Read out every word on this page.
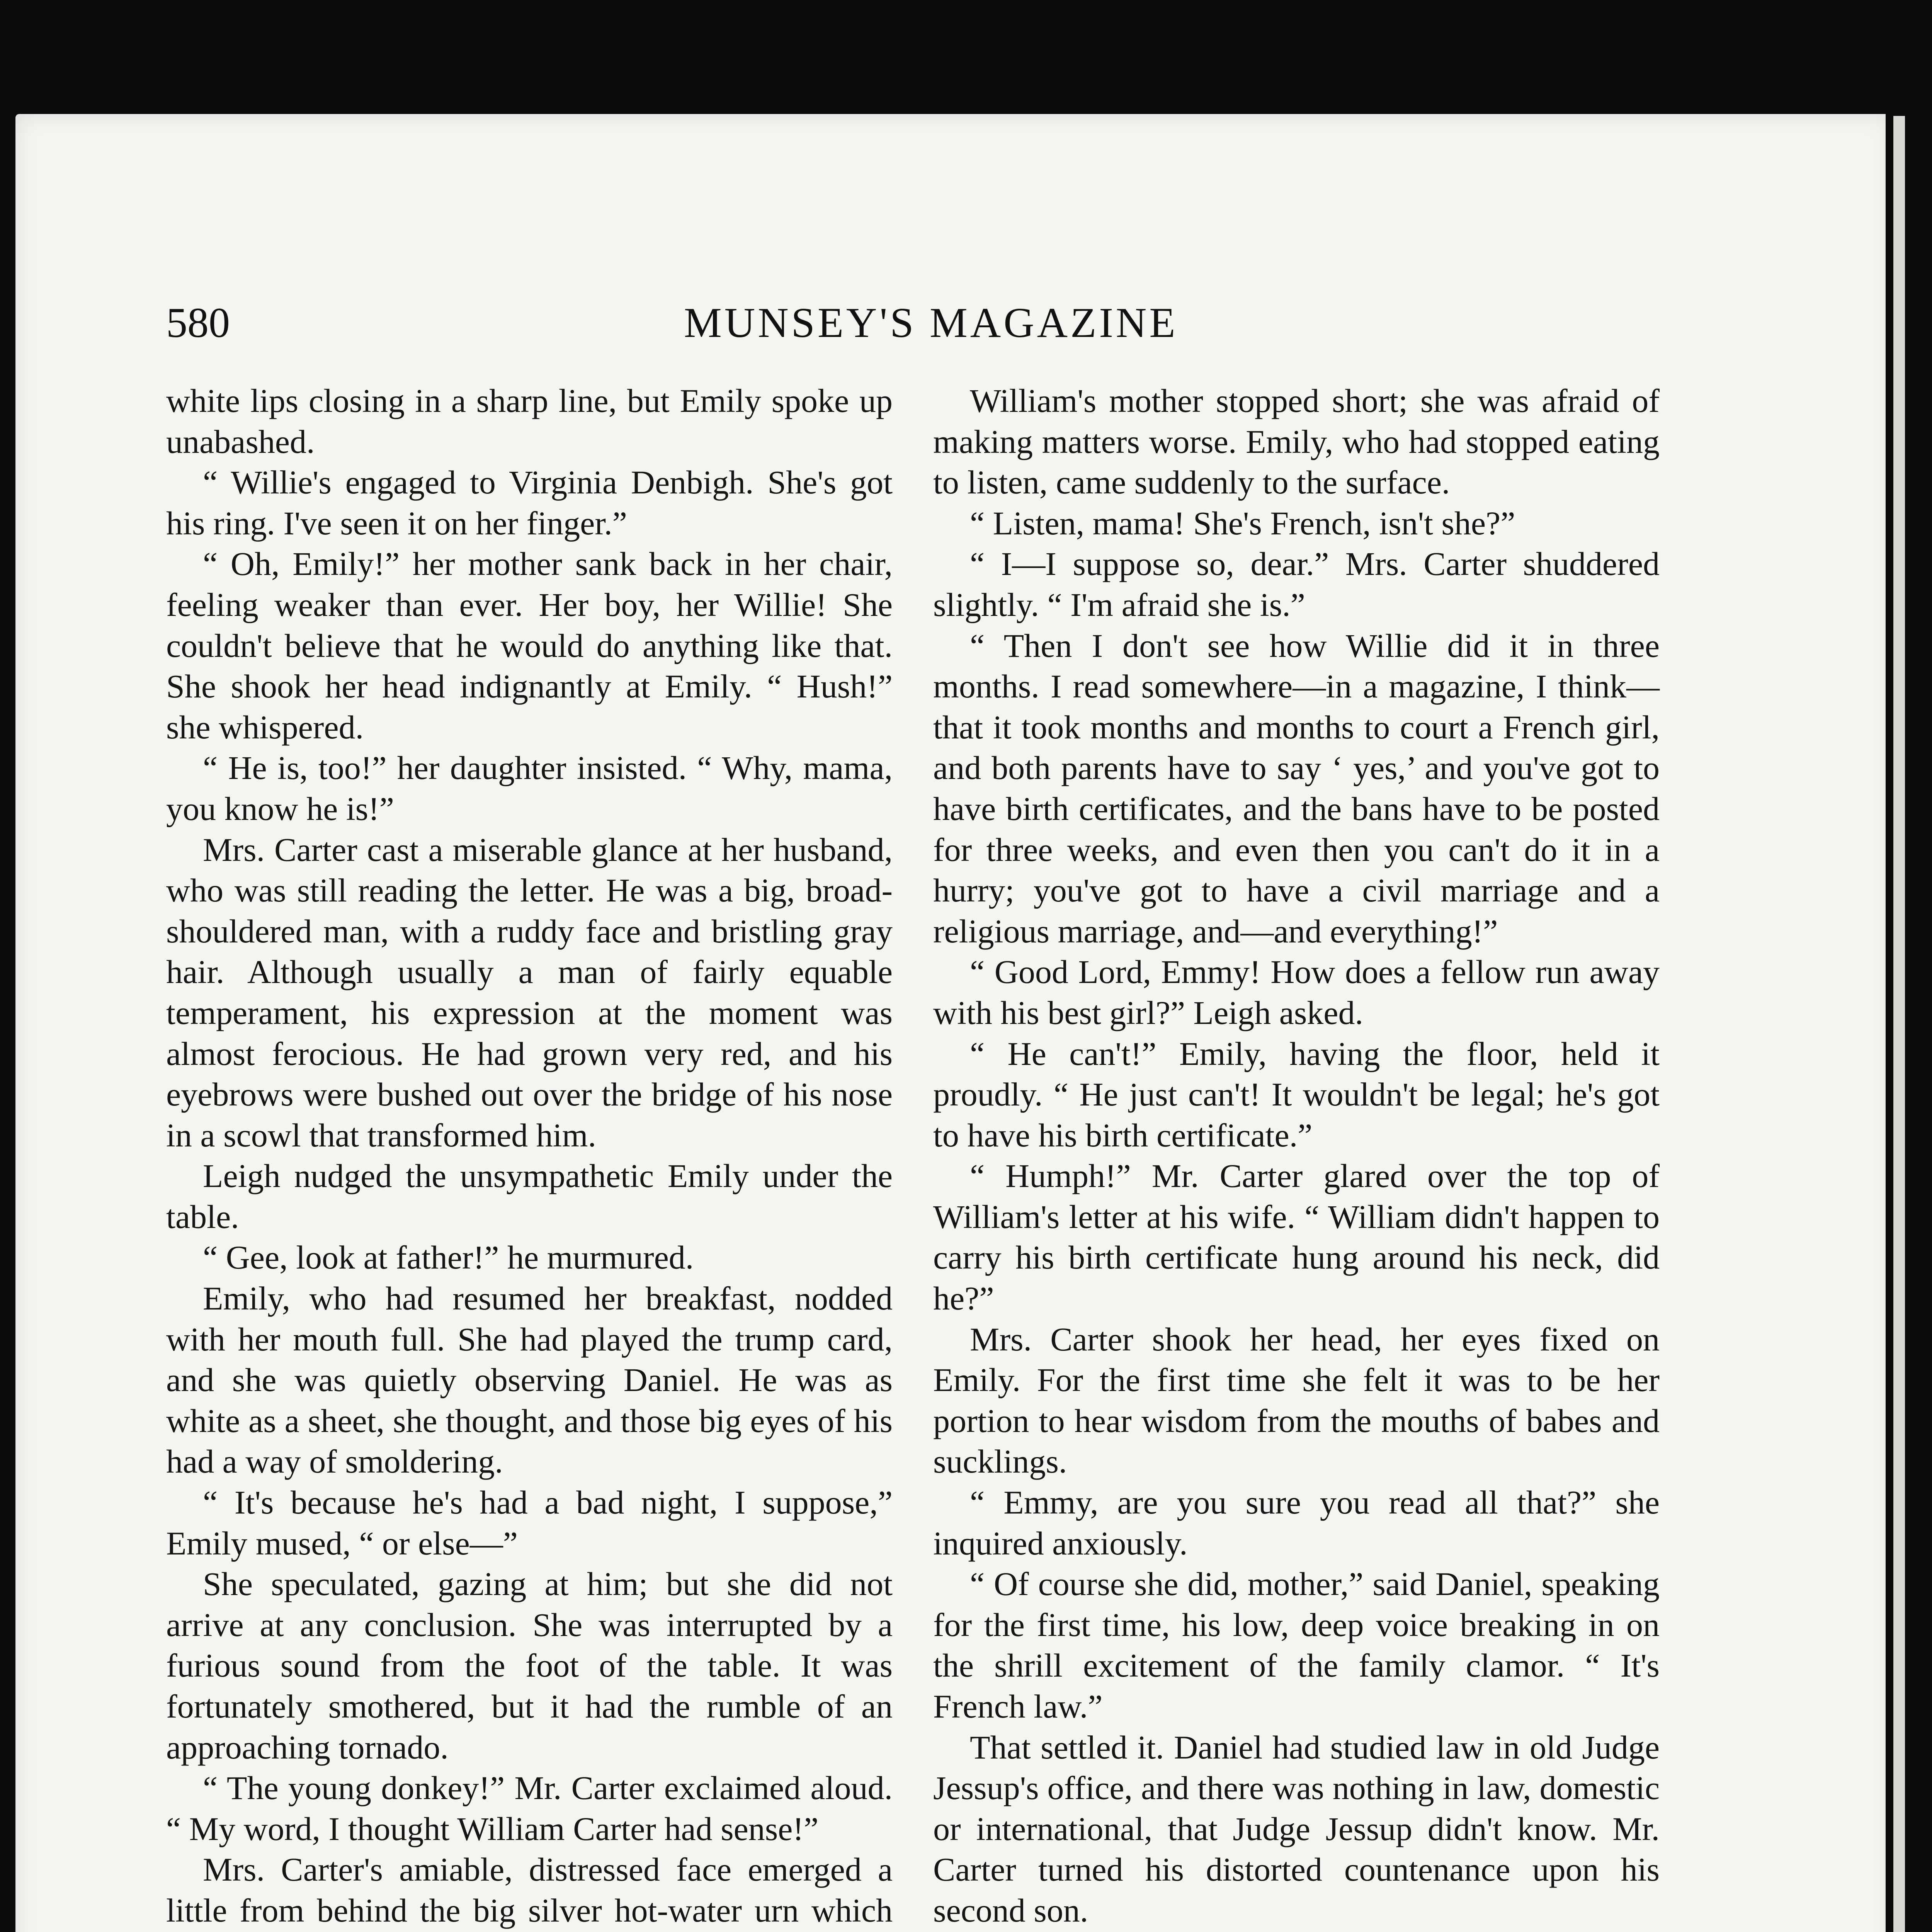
580	MUNSEY'S MAGAZINE

white lips closing in a sharp line, but Emily spoke up unabashed.

“ Willie's engaged to Virginia Denbigh. She's got his ring. I've seen it on her finger.”

“ Oh, Emily!” her mother sank back in her chair, feeling weaker than ever. Her boy, her Willie! She couldn't believe that he would do anything like that. She shook her head indignantly at Emily. “ Hush!” she whispered.

“ He is, too!” her daughter insisted. “ Why, mama, you know he is!”

Mrs. Carter cast a miserable glance at her husband, who was still reading the letter. He was a big, broad-shouldered man, with a ruddy face and bristling gray hair. Although usually a man of fairly equable temperament, his expression at the moment was almost ferocious. He had grown very red, and his eyebrows were bushed out over the bridge of his nose in a scowl that transformed him.

Leigh nudged the unsympathetic Emily under the table.

“ Gee, look at father!” he murmured.

Emily, who had resumed her breakfast, nodded with her mouth full. She had played the trump card, and she was quietly observing Daniel. He was as white as a sheet, she thought, and those big eyes of his had a way of smoldering.

“ It's because he's had a bad night, I suppose,” Emily mused, “ or else—”

She speculated, gazing at him; but she did not arrive at any conclusion. She was interrupted by a furious sound from the foot of the table. It was fortunately smothered, but it had the rumble of an approaching tornado.

“ The young donkey!” Mr. Carter exclaimed aloud. “ My word, I thought William Carter had sense!”

Mrs. Carter's amiable, distressed face emerged a little from behind the big silver hot-water urn which

William's mother stopped short; she was afraid of making matters worse. Emily, who had stopped eating to listen, came suddenly to the surface.

“ Listen, mama! She's French, isn't she?”

“ I—I suppose so, dear.” Mrs. Carter shuddered slightly. “ I'm afraid she is.”

“ Then I don't see how Willie did it in three months. I read somewhere—in a magazine, I think—that it took months and months to court a French girl, and both parents have to say ‘ yes,’ and you've got to have birth certificates, and the bans have to be posted for three weeks, and even then you can't do it in a hurry; you've got to have a civil marriage and a religious marriage, and—and everything!”

“ Good Lord, Emmy! How does a fellow run away with his best girl?” Leigh asked.

“ He can't!” Emily, having the floor, held it proudly. “ He just can't! It wouldn't be legal; he's got to have his birth certificate.”

“ Humph!” Mr. Carter glared over the top of William's letter at his wife. “ William didn't happen to carry his birth certificate hung around his neck, did he?”

Mrs. Carter shook her head, her eyes fixed on Emily. For the first time she felt it was to be her portion to hear wisdom from the mouths of babes and sucklings.

“ Emmy, are you sure you read all that?” she inquired anxiously.

“ Of course she did, mother,” said Daniel, speaking for the first time, his low, deep voice breaking in on the shrill excitement of the family clamor. “ It's French law.”

That settled it. Daniel had studied law in old Judge Jessup's office, and there was nothing in law, domestic or international, that Judge Jessup didn't know. Mr. Carter turned his distorted countenance upon his second son.
